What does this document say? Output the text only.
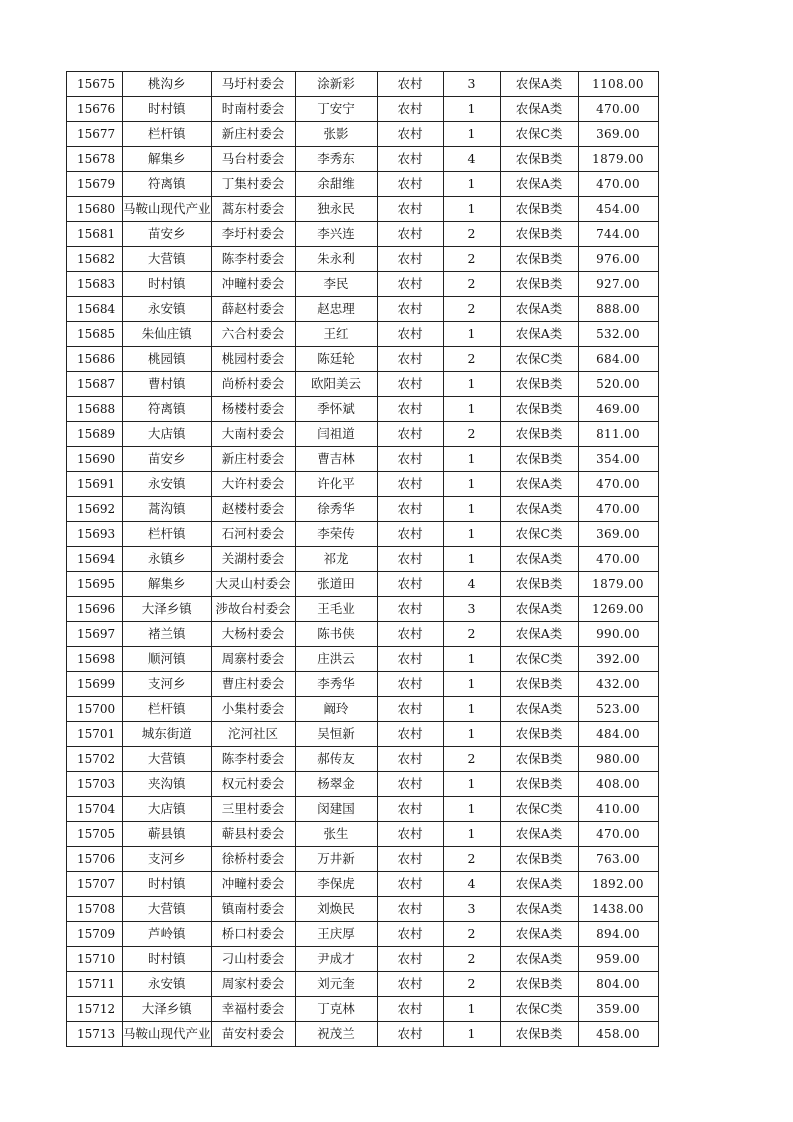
15675	桃沟乡	马圩村委会	涂新彩	农村	3	农保A类	1108.00
15676	时村镇	时南村委会	丁安宁	农村	1	农保A类	470.00
15677	栏杆镇	新庄村委会	张影	农村	1	农保C类	369.00
15678	解集乡	马台村委会	李秀东	农村	4	农保B类	1879.00
15679	符离镇	丁集村委会	余甜维	农村	1	农保A类	470.00
15680	马鞍山现代产业	蒿东村委会	独永民	农村	1	农保B类	454.00
15681	苗安乡	李圩村委会	李兴连	农村	2	农保B类	744.00
15682	大营镇	陈李村委会	朱永利	农村	2	农保B类	976.00
15683	时村镇	冲疃村委会	李民	农村	2	农保B类	927.00
15684	永安镇	薛赵村委会	赵忠理	农村	2	农保A类	888.00
15685	朱仙庄镇	六合村委会	王红	农村	1	农保A类	532.00
15686	桃园镇	桃园村委会	陈廷轮	农村	2	农保C类	684.00
15687	曹村镇	尚桥村委会	欧阳美云	农村	1	农保B类	520.00
15688	符离镇	杨楼村委会	季怀斌	农村	1	农保B类	469.00
15689	大店镇	大南村委会	闫祖道	农村	2	农保B类	811.00
15690	苗安乡	新庄村委会	曹吉林	农村	1	农保B类	354.00
15691	永安镇	大许村委会	许化平	农村	1	农保A类	470.00
15692	蒿沟镇	赵楼村委会	徐秀华	农村	1	农保A类	470.00
15693	栏杆镇	石河村委会	李荣传	农村	1	农保C类	369.00
15694	永镇乡	关湖村委会	祁龙	农村	1	农保A类	470.00
15695	解集乡	大灵山村委会	张道田	农村	4	农保B类	1879.00
15696	大泽乡镇	涉故台村委会	王毛业	农村	3	农保A类	1269.00
15697	褚兰镇	大杨村委会	陈书侠	农村	2	农保A类	990.00
15698	顺河镇	周寨村委会	庄洪云	农村	1	农保C类	392.00
15699	支河乡	曹庄村委会	李秀华	农村	1	农保B类	432.00
15700	栏杆镇	小集村委会	阚玲	农村	1	农保A类	523.00
15701	城东街道	沱河社区	吴恒新	农村	1	农保B类	484.00
15702	大营镇	陈李村委会	郝传友	农村	2	农保B类	980.00
15703	夹沟镇	权元村委会	杨翠金	农村	1	农保B类	408.00
15704	大店镇	三里村委会	闵建国	农村	1	农保C类	410.00
15705	蕲县镇	蕲县村委会	张生	农村	1	农保A类	470.00
15706	支河乡	徐桥村委会	万井新	农村	2	农保B类	763.00
15707	时村镇	冲疃村委会	李保虎	农村	4	农保A类	1892.00
15708	大营镇	镇南村委会	刘焕民	农村	3	农保A类	1438.00
15709	芦岭镇	桥口村委会	王庆厚	农村	2	农保A类	894.00
15710	时村镇	刁山村委会	尹成才	农村	2	农保A类	959.00
15711	永安镇	周家村委会	刘元奎	农村	2	农保B类	804.00
15712	大泽乡镇	幸福村委会	丁克林	农村	1	农保C类	359.00
15713	马鞍山现代产业	苗安村委会	祝茂兰	农村	1	农保B类	458.00
